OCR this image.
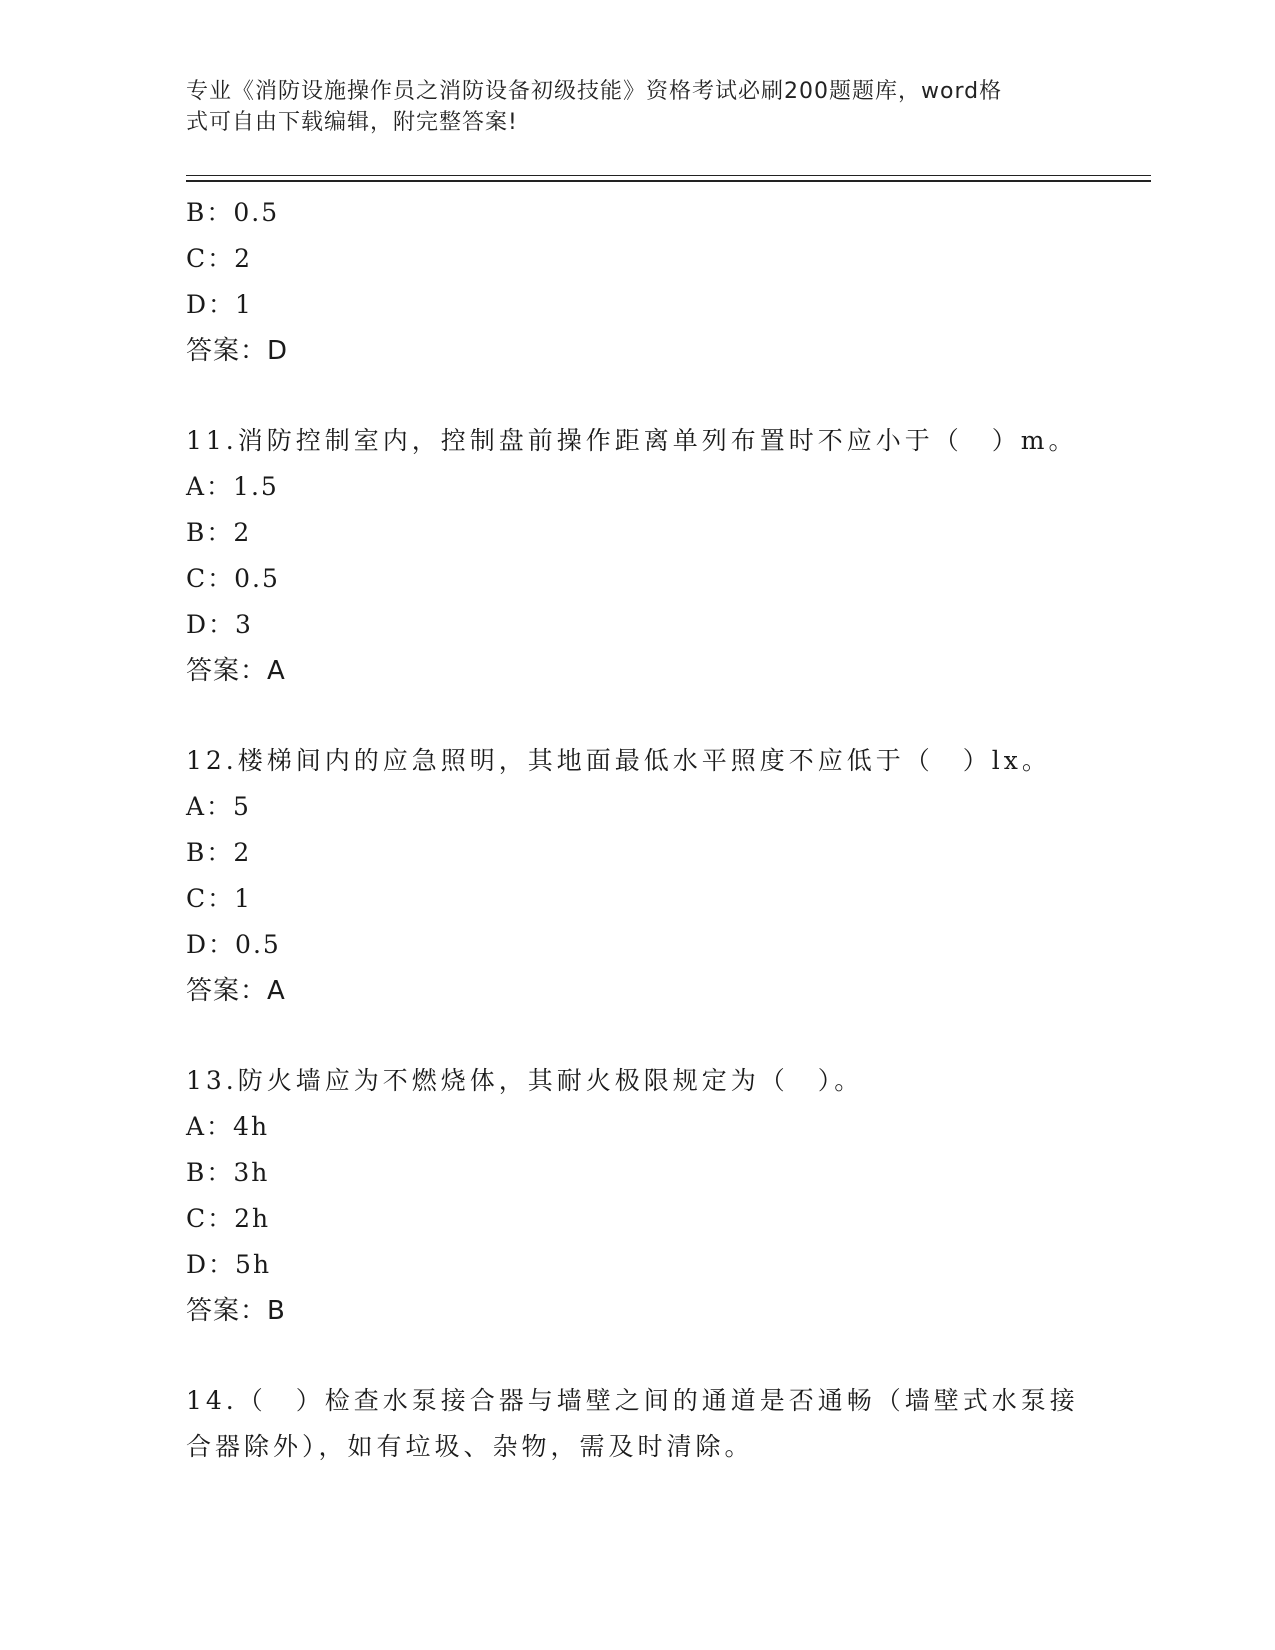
专业《消防设施操作员之消防设备初级技能》资格考试必刷200题题库，word格
式可自由下载编辑，附完整答案!
B：0.5
C：2
D：1
答案：D
11.消防控制室内，控制盘前操作距离单列布置时不应小于（　）m。
A：1.5
B：2
C：0.5
D：3
答案：A
12.楼梯间内的应急照明，其地面最低水平照度不应低于（　）lx。
A：5
B：2
C：1
D：0.5
答案：A
13.防火墙应为不燃烧体，其耐火极限规定为（　）。
A：4h
B：3h
C：2h
D：5h
答案：B
14.（　）检查水泵接合器与墙壁之间的通道是否通畅（墙壁式水泵接合器除外），如有垃圾、杂物，需及时清除。
